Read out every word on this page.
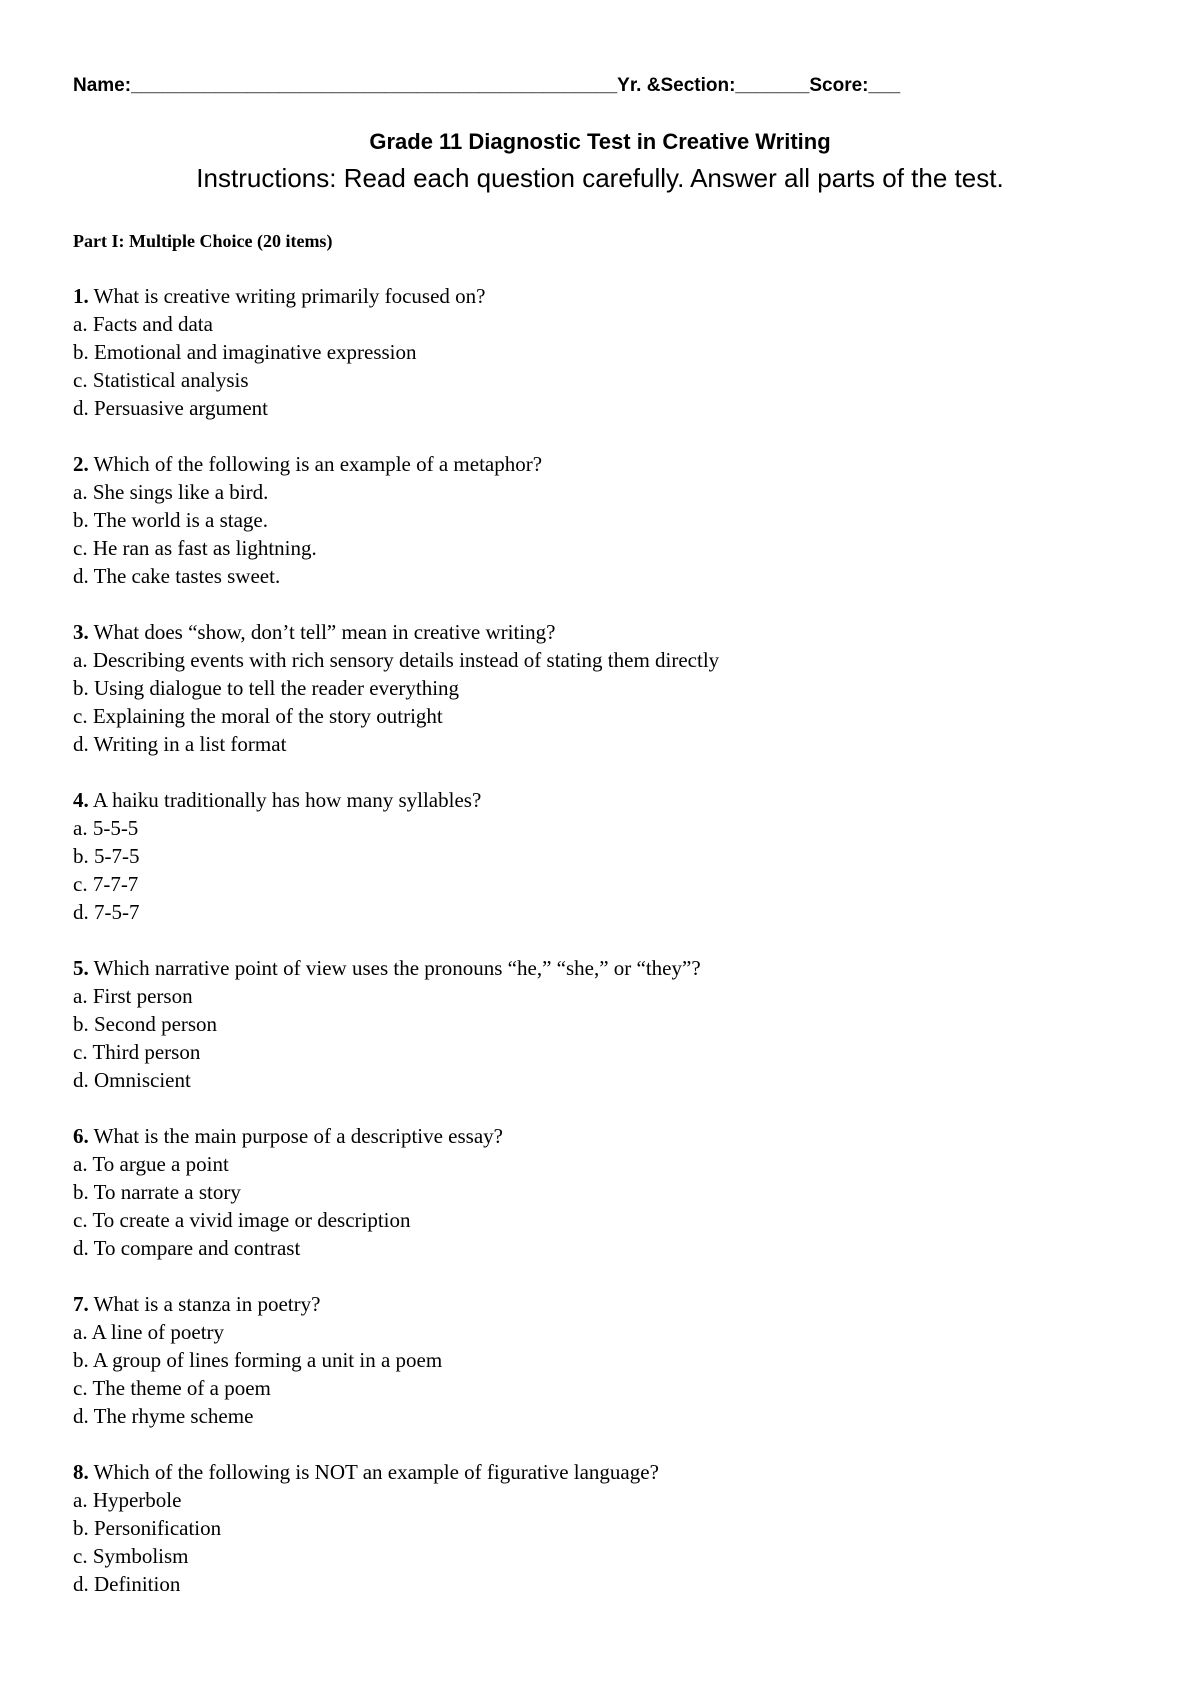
Name:______________________________________________Yr. &Section:_______Score:___
Grade 11 Diagnostic Test in Creative Writing
Instructions: Read each question carefully. Answer all parts of the test.
Part I: Multiple Choice (20 items)
1. What is creative writing primarily focused on?
a. Facts and data
b. Emotional and imaginative expression
c. Statistical analysis
d. Persuasive argument
2. Which of the following is an example of a metaphor?
a. She sings like a bird.
b. The world is a stage.
c. He ran as fast as lightning.
d. The cake tastes sweet.
3. What does “show, don’t tell” mean in creative writing?
a. Describing events with rich sensory details instead of stating them directly
b. Using dialogue to tell the reader everything
c. Explaining the moral of the story outright
d. Writing in a list format
4. A haiku traditionally has how many syllables?
a. 5-5-5
b. 5-7-5
c. 7-7-7
d. 7-5-7
5. Which narrative point of view uses the pronouns “he,” “she,” or “they”?
a. First person
b. Second person
c. Third person
d. Omniscient
6. What is the main purpose of a descriptive essay?
a. To argue a point
b. To narrate a story
c. To create a vivid image or description
d. To compare and contrast
7. What is a stanza in poetry?
a. A line of poetry
b. A group of lines forming a unit in a poem
c. The theme of a poem
d. The rhyme scheme
8. Which of the following is NOT an example of figurative language?
a. Hyperbole
b. Personification
c. Symbolism
d. Definition
